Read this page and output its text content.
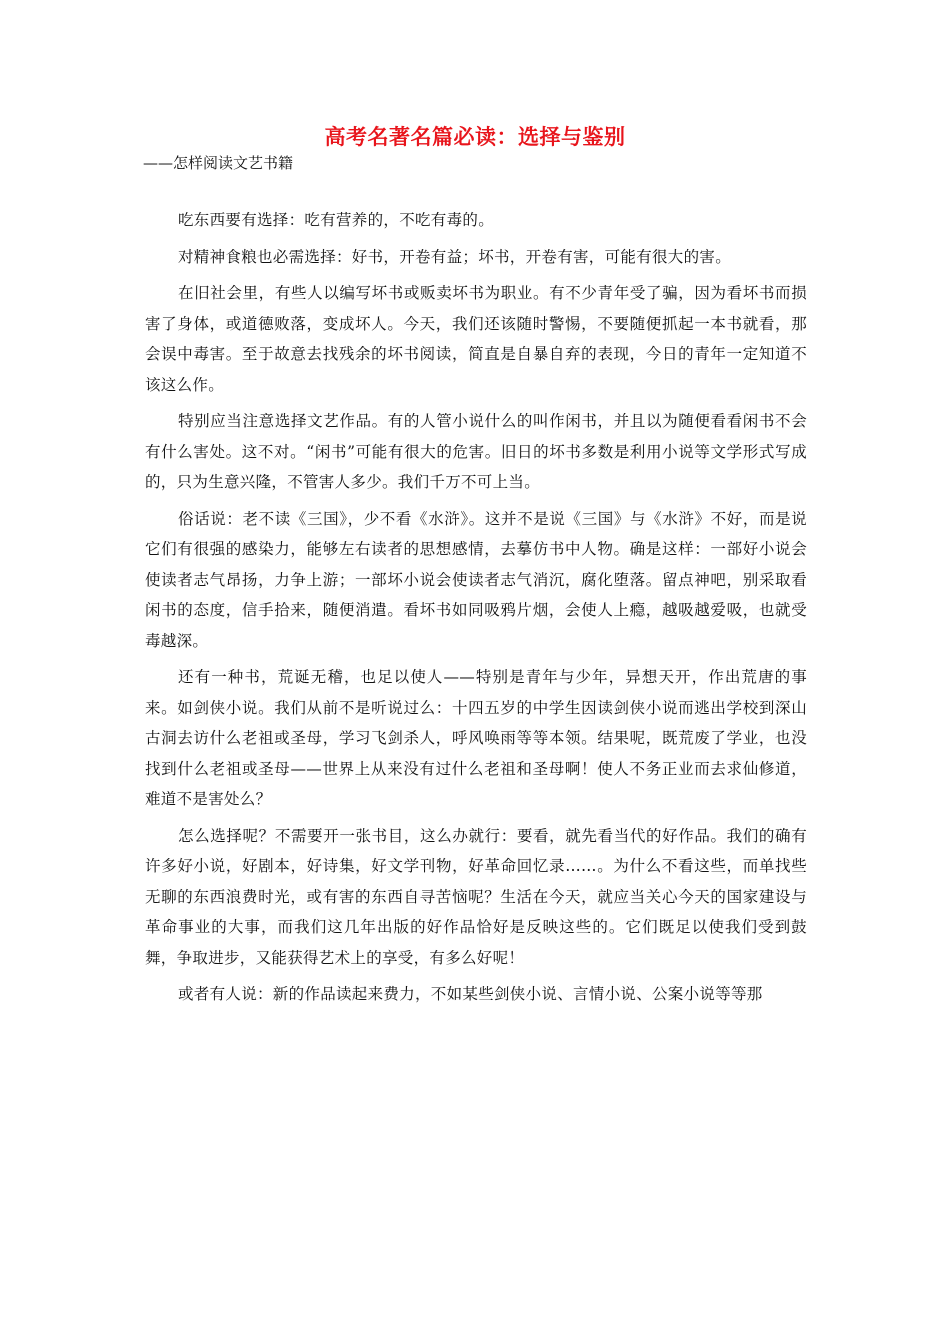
高考名著名篇必读：选择与鉴别

——怎样阅读文艺书籍

吃东西要有选择：吃有营养的，不吃有毒的。

对精神食粮也必需选择：好书，开卷有益；坏书，开卷有害，可能有很大的害。

在旧社会里，有些人以编写坏书或贩卖坏书为职业。有不少青年受了骗，因为看坏书而损害了身体，或道德败落，变成坏人。今天，我们还该随时警惕，不要随便抓起一本书就看，那会误中毒害。至于故意去找残余的坏书阅读，简直是自暴自弃的表现，今日的青年一定知道不该这么作。

特别应当注意选择文艺作品。有的人管小说什么的叫作闲书，并且以为随便看看闲书不会有什么害处。这不对。“闲书”可能有很大的危害。旧日的坏书多数是利用小说等文学形式写成的，只为生意兴隆，不管害人多少。我们千万不可上当。

俗话说：老不读《三国》，少不看《水浒》。这并不是说《三国》与《水浒》不好，而是说它们有很强的感染力，能够左右读者的思想感情，去摹仿书中人物。确是这样：一部好小说会使读者志气昂扬，力争上游；一部坏小说会使读者志气消沉，腐化堕落。留点神吧，别采取看闲书的态度，信手拾来，随便消遣。看坏书如同吸鸦片烟，会使人上瘾，越吸越爱吸，也就受毒越深。

还有一种书，荒诞无稽，也足以使人——特别是青年与少年，异想天开，作出荒唐的事来。如剑侠小说。我们从前不是听说过么：十四五岁的中学生因读剑侠小说而逃出学校到深山古洞去访什么老祖或圣母，学习飞剑杀人，呼风唤雨等等本领。结果呢，既荒废了学业，也没找到什么老祖或圣母——世界上从来没有过什么老祖和圣母啊！使人不务正业而去求仙修道，难道不是害处么？

怎么选择呢？不需要开一张书目，这么办就行：要看，就先看当代的好作品。我们的确有许多好小说，好剧本，好诗集，好文学刊物，好革命回忆录……。为什么不看这些，而单找些无聊的东西浪费时光，或有害的东西自寻苦恼呢？生活在今天，就应当关心今天的国家建设与革命事业的大事，而我们这几年出版的好作品恰好是反映这些的。它们既足以使我们受到鼓舞，争取进步，又能获得艺术上的享受，有多么好呢！

或者有人说：新的作品读起来费力，不如某些剑侠小说、言情小说、公案小说等等那
